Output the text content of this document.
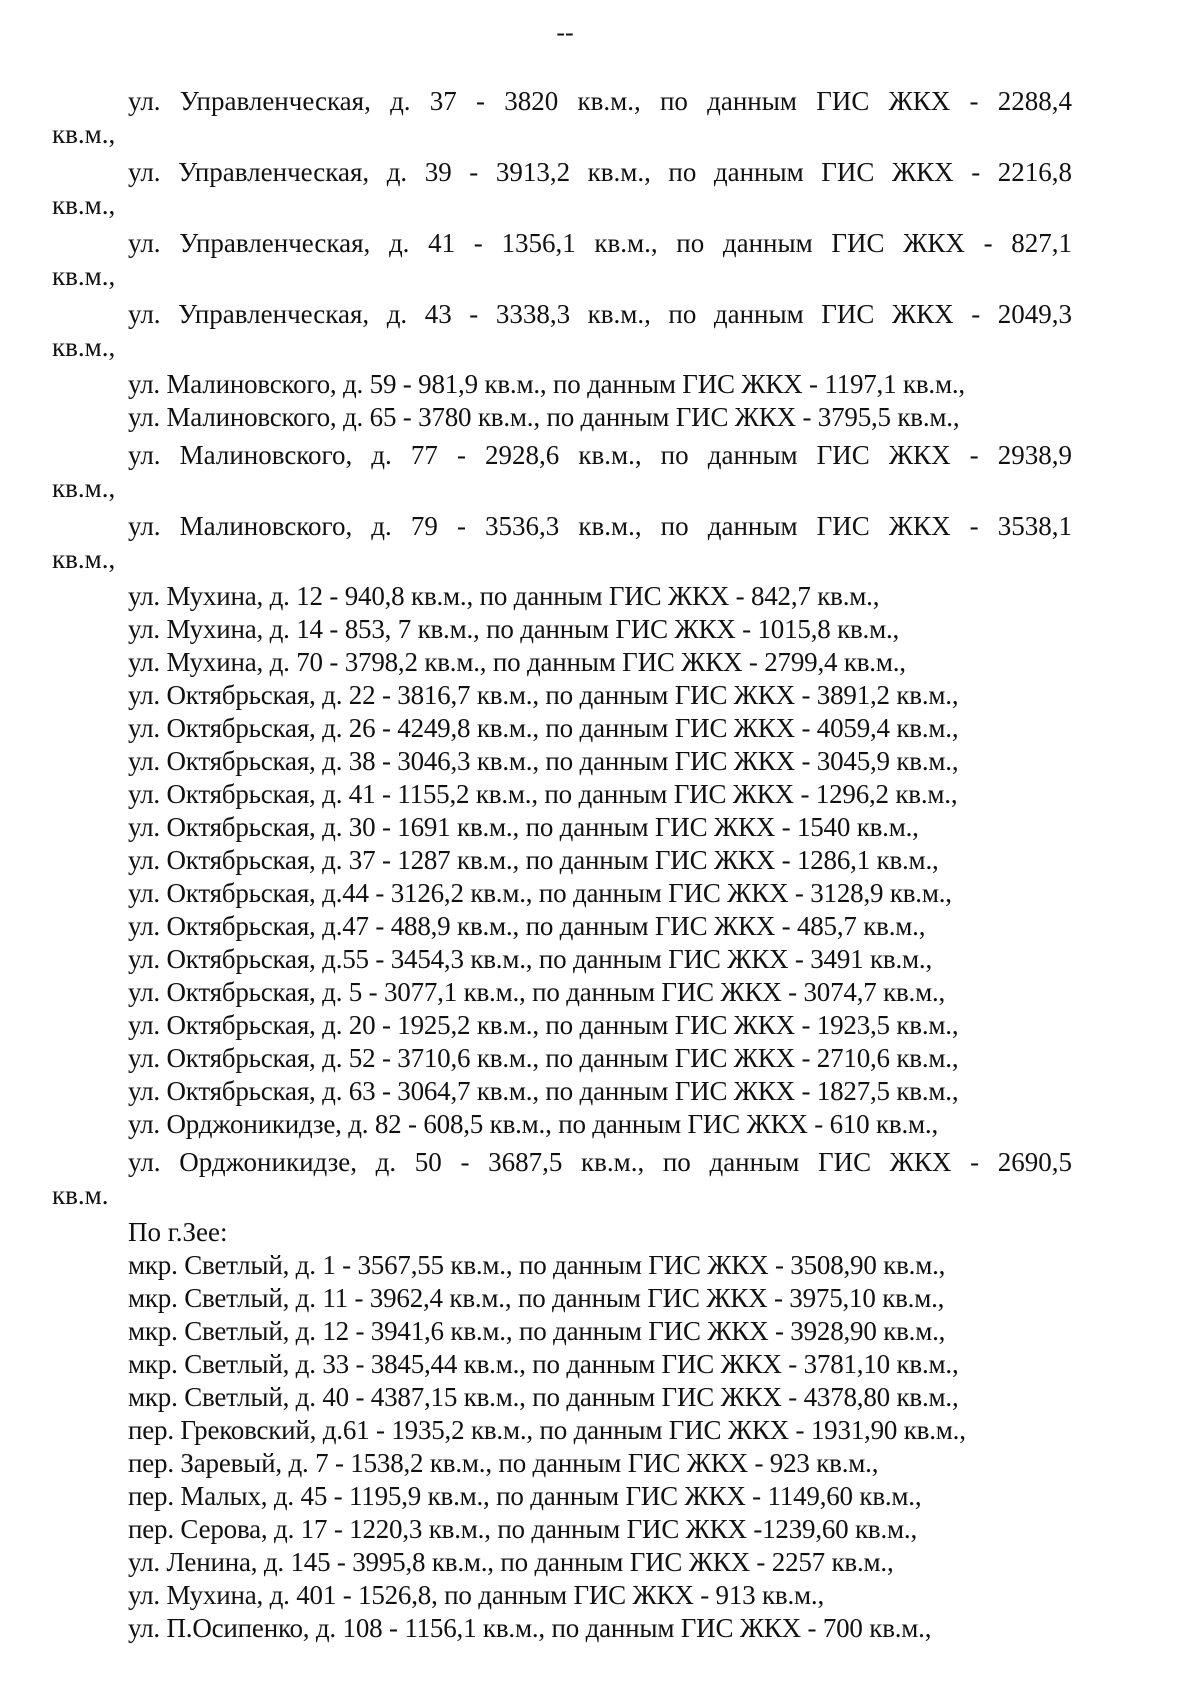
--
ул. Управленческая, д. 37 - 3820 кв.м., по данным ГИС ЖКХ - 2288,4
кв.м.,
ул. Управленческая, д. 39 - 3913,2 кв.м., по данным ГИС ЖКХ - 2216,8
кв.м.,
ул. Управленческая, д. 41 - 1356,1 кв.м., по данным ГИС ЖКХ - 827,1
кв.м.,
ул. Управленческая, д. 43 - 3338,3 кв.м., по данным ГИС ЖКХ - 2049,3
кв.м.,
ул. Малиновского, д. 59 - 981,9 кв.м., по данным ГИС ЖКХ - 1197,1 кв.м.,
ул. Малиновского, д. 65 - 3780 кв.м., по данным ГИС ЖКХ - 3795,5 кв.м.,
ул. Малиновского, д. 77 - 2928,6 кв.м., по данным ГИС ЖКХ - 2938,9
кв.м.,
ул. Малиновского, д. 79 - 3536,3 кв.м., по данным ГИС ЖКХ - 3538,1
кв.м.,
ул. Мухина, д. 12 - 940,8 кв.м., по данным ГИС ЖКХ - 842,7 кв.м.,
ул. Мухина, д. 14 - 853, 7 кв.м., по данным ГИС ЖКХ - 1015,8 кв.м.,
ул. Мухина, д. 70 - 3798,2 кв.м., по данным ГИС ЖКХ - 2799,4 кв.м.,
ул. Октябрьская, д. 22 - 3816,7 кв.м., по данным ГИС ЖКХ - 3891,2 кв.м.,
ул. Октябрьская, д. 26 - 4249,8 кв.м., по данным ГИС ЖКХ - 4059,4 кв.м.,
ул. Октябрьская, д. 38 - 3046,3 кв.м., по данным ГИС ЖКХ - 3045,9 кв.м.,
ул. Октябрьская, д. 41 - 1155,2 кв.м., по данным ГИС ЖКХ - 1296,2 кв.м.,
ул. Октябрьская, д. 30 - 1691 кв.м., по данным ГИС ЖКХ - 1540 кв.м.,
ул. Октябрьская, д. 37 - 1287 кв.м., по данным ГИС ЖКХ - 1286,1 кв.м.,
ул. Октябрьская, д.44 - 3126,2 кв.м., по данным ГИС ЖКХ - 3128,9 кв.м.,
ул. Октябрьская, д.47 - 488,9 кв.м., по данным ГИС ЖКХ - 485,7 кв.м.,
ул. Октябрьская, д.55 - 3454,3 кв.м., по данным ГИС ЖКХ - 3491 кв.м.,
ул. Октябрьская, д. 5 - 3077,1 кв.м., по данным ГИС ЖКХ - 3074,7 кв.м.,
ул. Октябрьская, д. 20 - 1925,2 кв.м., по данным ГИС ЖКХ - 1923,5 кв.м.,
ул. Октябрьская, д. 52 - 3710,6 кв.м., по данным ГИС ЖКХ - 2710,6 кв.м.,
ул. Октябрьская, д. 63 - 3064,7 кв.м., по данным ГИС ЖКХ - 1827,5 кв.м.,
ул. Орджоникидзе, д. 82 - 608,5 кв.м., по данным ГИС ЖКХ - 610 кв.м.,
ул. Орджоникидзе, д. 50 - 3687,5 кв.м., по данным ГИС ЖКХ - 2690,5
кв.м.
По г.Зее:
мкр. Светлый, д. 1 - 3567,55 кв.м., по данным ГИС ЖКХ - 3508,90 кв.м.,
мкр. Светлый, д. 11 - 3962,4 кв.м., по данным ГИС ЖКХ - 3975,10 кв.м.,
мкр. Светлый, д. 12 - 3941,6 кв.м., по данным ГИС ЖКХ - 3928,90 кв.м.,
мкр. Светлый, д. 33 - 3845,44 кв.м., по данным ГИС ЖКХ - 3781,10 кв.м.,
мкр. Светлый, д. 40 - 4387,15 кв.м., по данным ГИС ЖКХ - 4378,80 кв.м.,
пер. Грековский, д.61 - 1935,2 кв.м., по данным ГИС ЖКХ - 1931,90 кв.м.,
пер. Заревый, д. 7 - 1538,2 кв.м., по данным ГИС ЖКХ - 923 кв.м.,
пер. Малых, д. 45 - 1195,9 кв.м., по данным ГИС ЖКХ - 1149,60 кв.м.,
пер. Серова, д. 17 - 1220,3 кв.м., по данным ГИС ЖКХ -1239,60 кв.м.,
ул. Ленина, д. 145 - 3995,8 кв.м., по данным ГИС ЖКХ - 2257 кв.м.,
ул. Мухина, д. 401 - 1526,8, по данным ГИС ЖКХ - 913 кв.м.,
ул. П.Осипенко, д. 108 - 1156,1 кв.м., по данным ГИС ЖКХ - 700 кв.м.,
